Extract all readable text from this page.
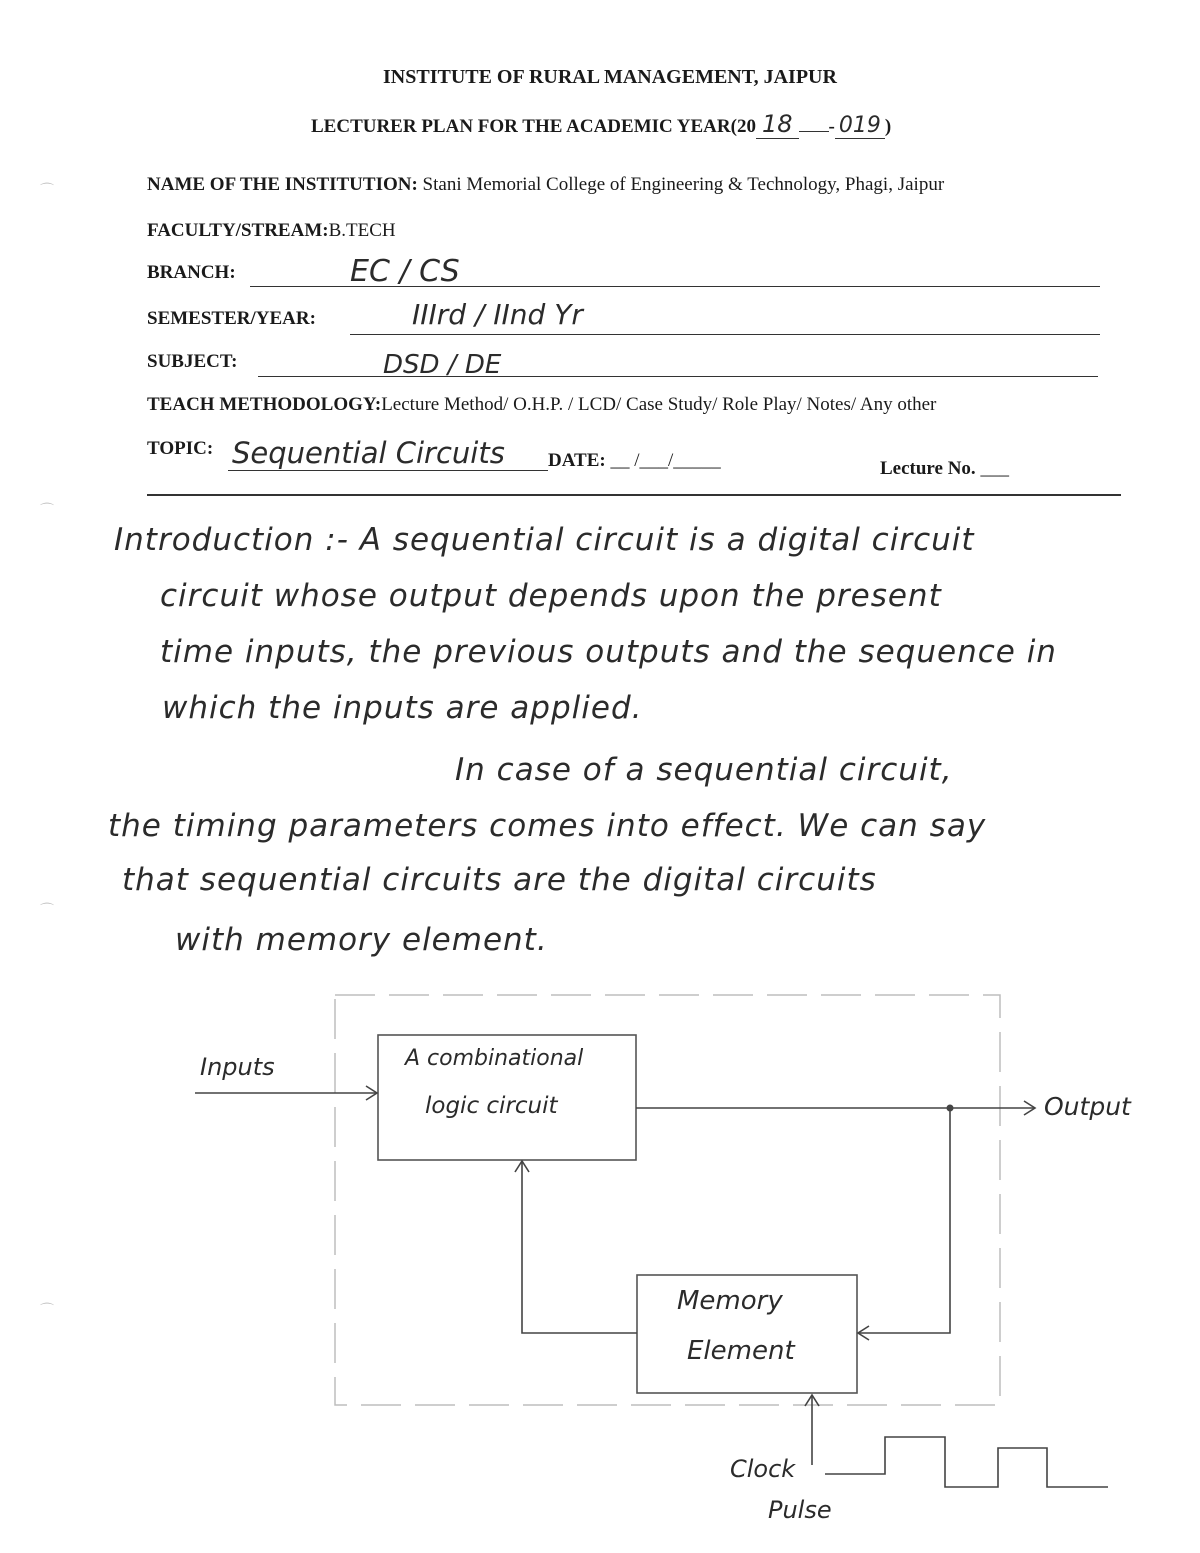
⌒
⌒
⌒
⌒
INSTITUTE OF RURAL MANAGEMENT, JAIPUR
LECTURER PLAN FOR THE ACADEMIC YEAR(20 18 - 019 )
NAME OF THE INSTITUTION: Stani Memorial College of Engineering & Technology, Phagi, Jaipur
FACULTY/STREAM:B.TECH
BRANCH:	EC / CS
SEMESTER/YEAR:	IIIrd / IInd Yr
SUBJECT:	DSD / DE
TEACH METHODOLOGY:Lecture Method/ O.H.P. / LCD/ Case Study/ Role Play/ Notes/ Any other
TOPIC: Sequential Circuits DATE: __ /___/_____	Lecture No. ___
Introduction :- A sequential circuit is a digital circuit
circuit whose output depends upon the present
time inputs, the previous outputs and the sequence in
which the inputs are applied.
In case of a sequential circuit,
the timing parameters comes into effect. We can say
that sequential circuits are the digital circuits
with memory element.
Inputs	A combinational
logic circuit	Output
Memory
Element
Clock
Pulse
